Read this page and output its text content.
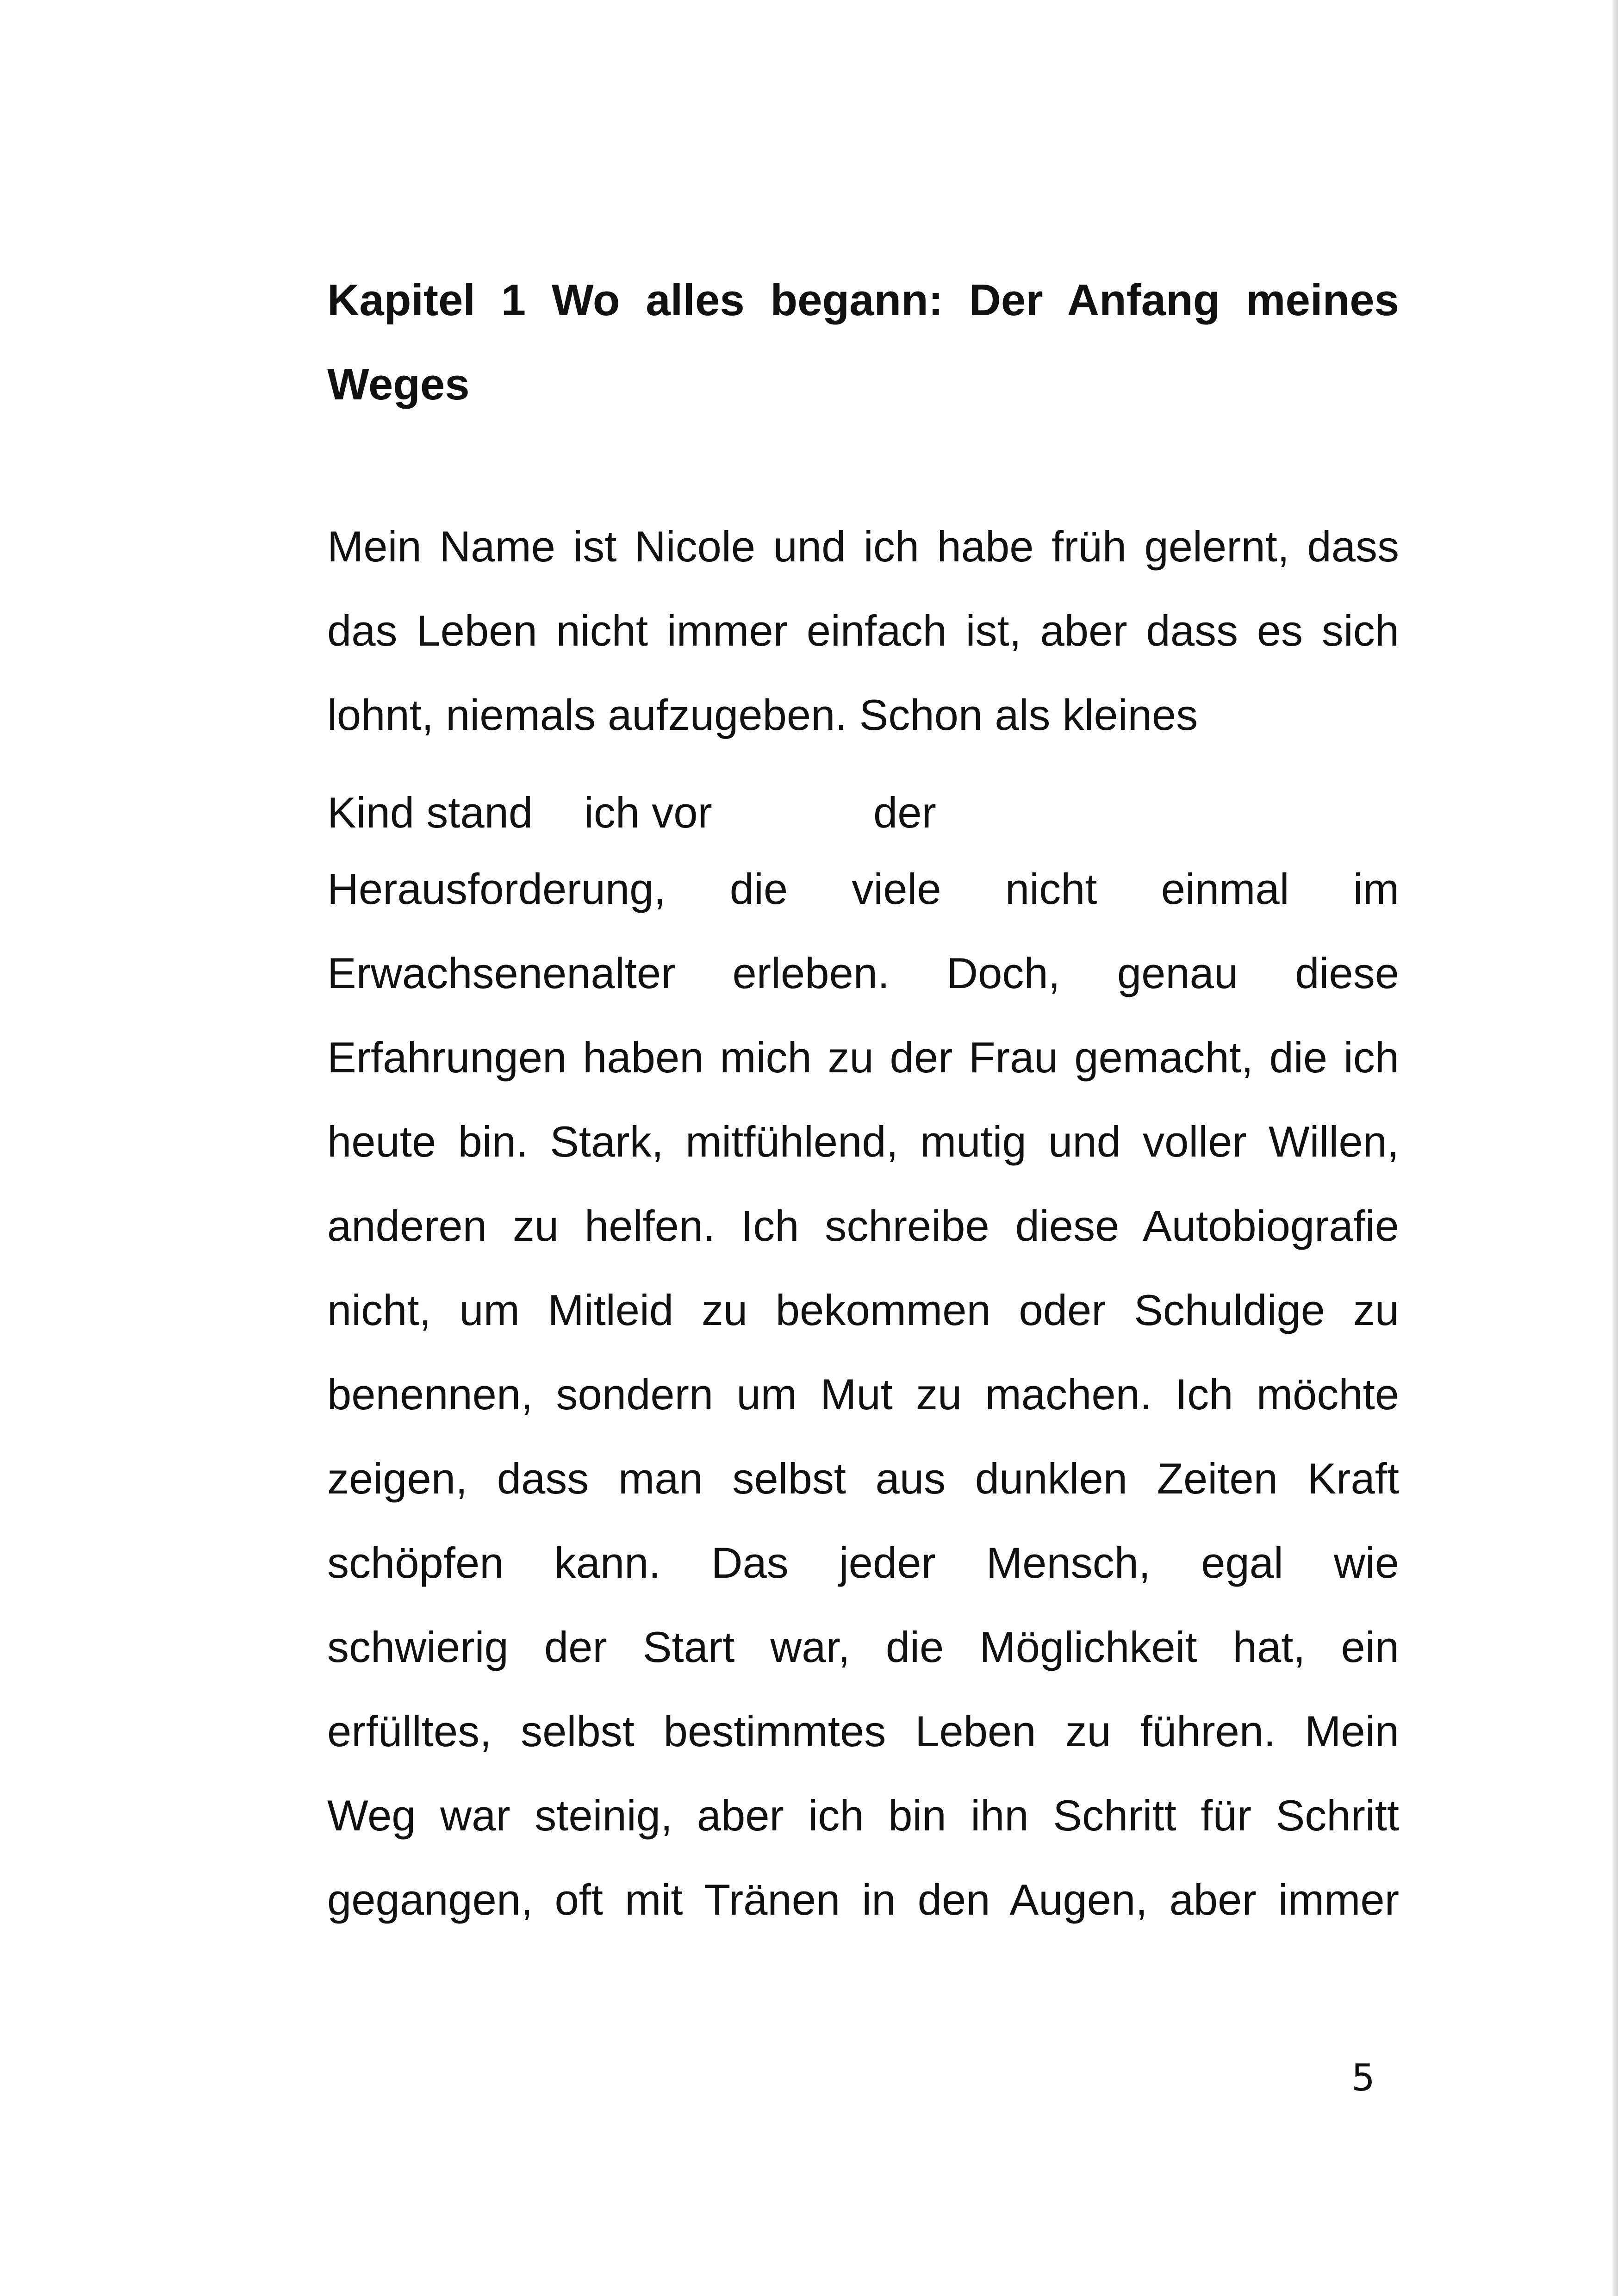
Kapitel 1 Wo alles begann: Der Anfang meines
Weges
Mein Name ist Nicole und ich habe früh gelernt, dass
das Leben nicht immer einfach ist, aber dass es sich
lohnt, niemals aufzugeben. Schon als kleines
Kind stand ich vor	der
Herausforderung, die viele nicht einmal im
Erwachsenenalter erleben. Doch, genau diese
Erfahrungen haben mich zu der Frau gemacht, die ich
heute bin. Stark, mitfühlend, mutig und voller Willen,
anderen zu helfen. Ich schreibe diese Autobiografie
nicht, um Mitleid zu bekommen oder Schuldige zu
benennen, sondern um Mut zu machen. Ich möchte
zeigen, dass man selbst aus dunklen Zeiten Kraft
schöpfen kann. Das jeder Mensch, egal wie
schwierig der Start war, die Möglichkeit hat, ein
erfülltes, selbst bestimmtes Leben zu führen. Mein
Weg war steinig, aber ich bin ihn Schritt für Schritt
gegangen, oft mit Tränen in den Augen, aber immer
5
